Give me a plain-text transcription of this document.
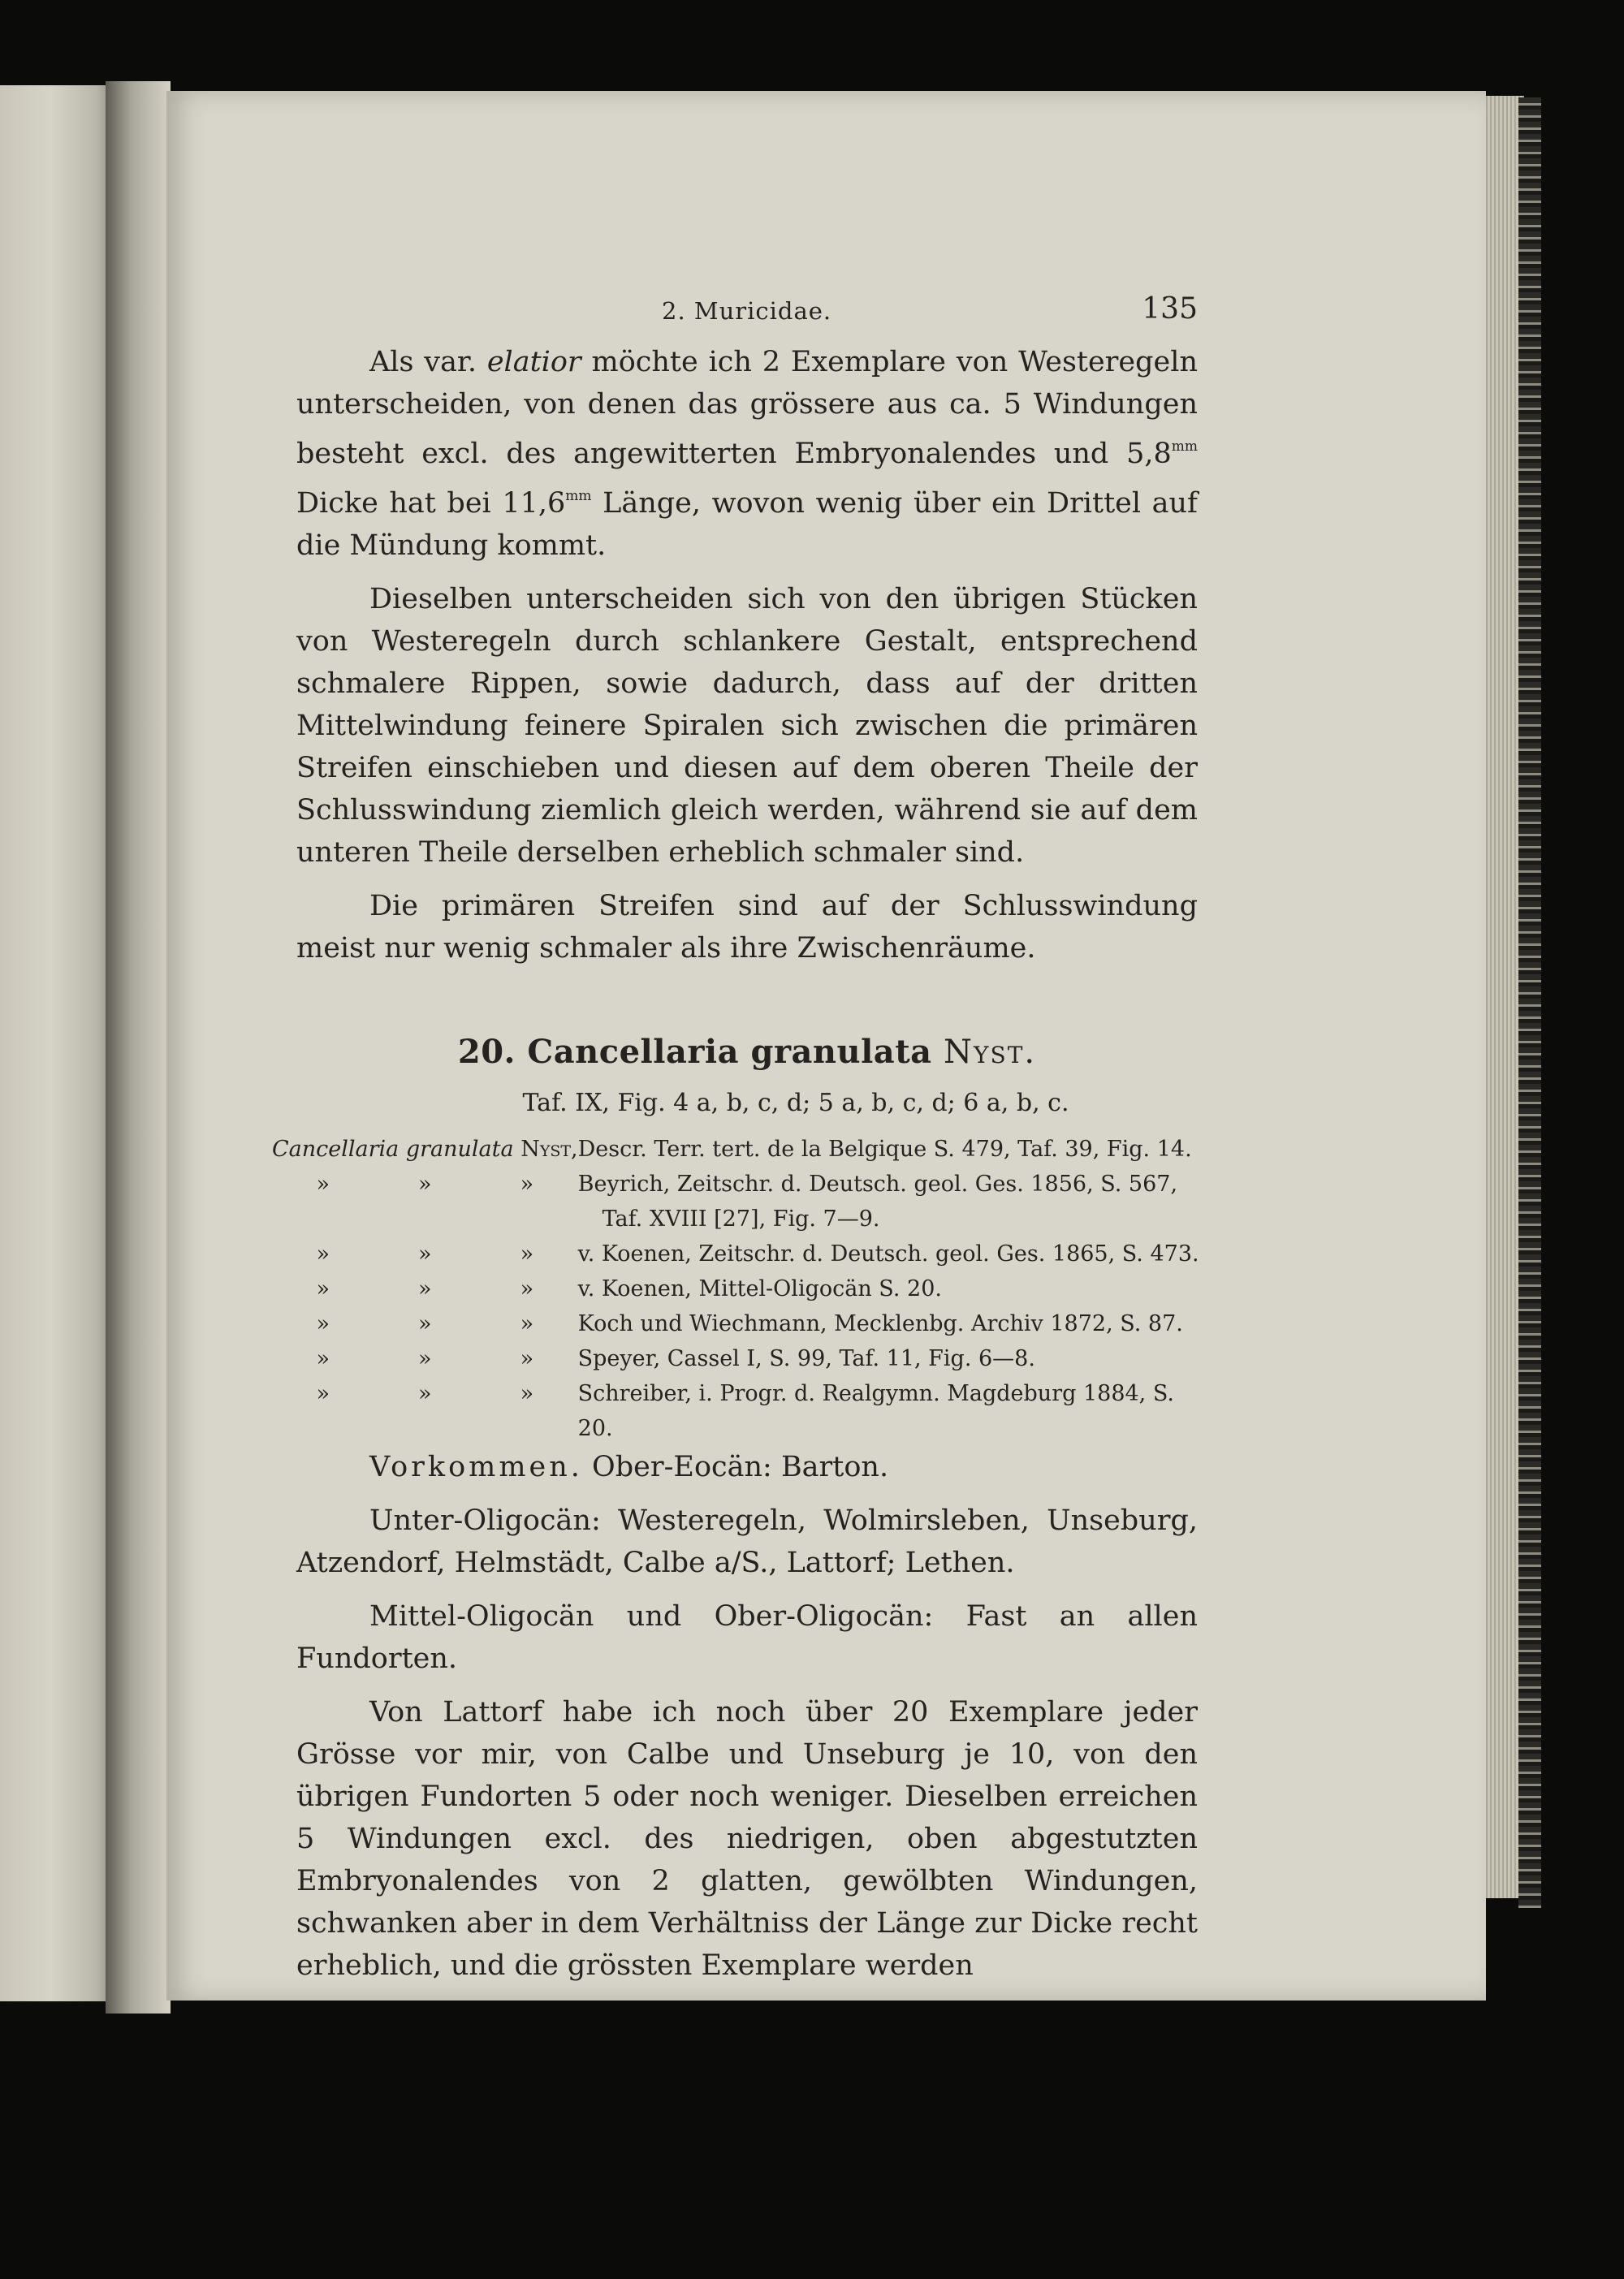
2. Muricidae.	135

Als var. elatior möchte ich 2 Exemplare von Westeregeln unterscheiden, von denen das grössere aus ca. 5 Windungen besteht excl. des angewitterten Embryonalendes und $5,8^{mm}$ Dicke hat bei $11,6^{mm}$ Länge, wovon wenig über ein Drittel auf die Mündung kommt.

Dieselben unterscheiden sich von den übrigen Stücken von Westeregeln durch schlankere Gestalt, entsprechend schmalere Rippen, sowie dadurch, dass auf der dritten Mittelwindung feinere Spiralen sich zwischen die primären Streifen einschieben und diesen auf dem oberen Theile der Schlusswindung ziemlich gleich werden, während sie auf dem unteren Theile derselben erheblich schmaler sind.

Die primären Streifen sind auf der Schlusswindung meist nur wenig schmaler als ihre Zwischenräume.

20. Cancellaria granulata Nyst.
Taf. IX, Fig. 4 a, b, c, d; 5 a, b, c, d; 6 a, b, c.
Cancellaria granulata Nyst,			Descr. Terr. tert. de la Belgique S. 479, Taf. 39, Fig. 14.
»	»	»	Beyrich, Zeitschr. d. Deutsch. geol. Ges. 1856, S. 567,
Taf. XVIII [27], Fig. 7—9.

»	»	»	v. Koenen, Zeitschr. d. Deutsch. geol. Ges. 1865, S. 473.
»	»	»	v. Koenen, Mittel-Oligocän S. 20.
»	»	»	Koch und Wiechmann, Mecklenbg. Archiv 1872, S. 87.
»	»	»	Speyer, Cassel I, S. 99, Taf. 11, Fig. 6—8.
»	»	»	Schreiber, i. Progr. d. Realgymn. Magdeburg 1884, S. 20.

Vorkommen. Ober-Eocän: Barton.

Unter-Oligocän: Westeregeln, Wolmirsleben, Unseburg, Atzendorf, Helmstädt, Calbe a/S., Lattorf; Lethen.

Mittel-Oligocän und Ober-Oligocän: Fast an allen Fundorten.

Von Lattorf habe ich noch über 20 Exemplare jeder Grösse vor mir, von Calbe und Unseburg je 10, von den übrigen Fundorten 5 oder noch weniger. Dieselben erreichen 5 Windungen excl. des niedrigen, oben abgestutzten Embryonalendes von 2 glatten, gewölbten Windungen, schwanken aber in dem Verhältniss der Länge zur Dicke recht erheblich, und die grössten Exemplare werden
